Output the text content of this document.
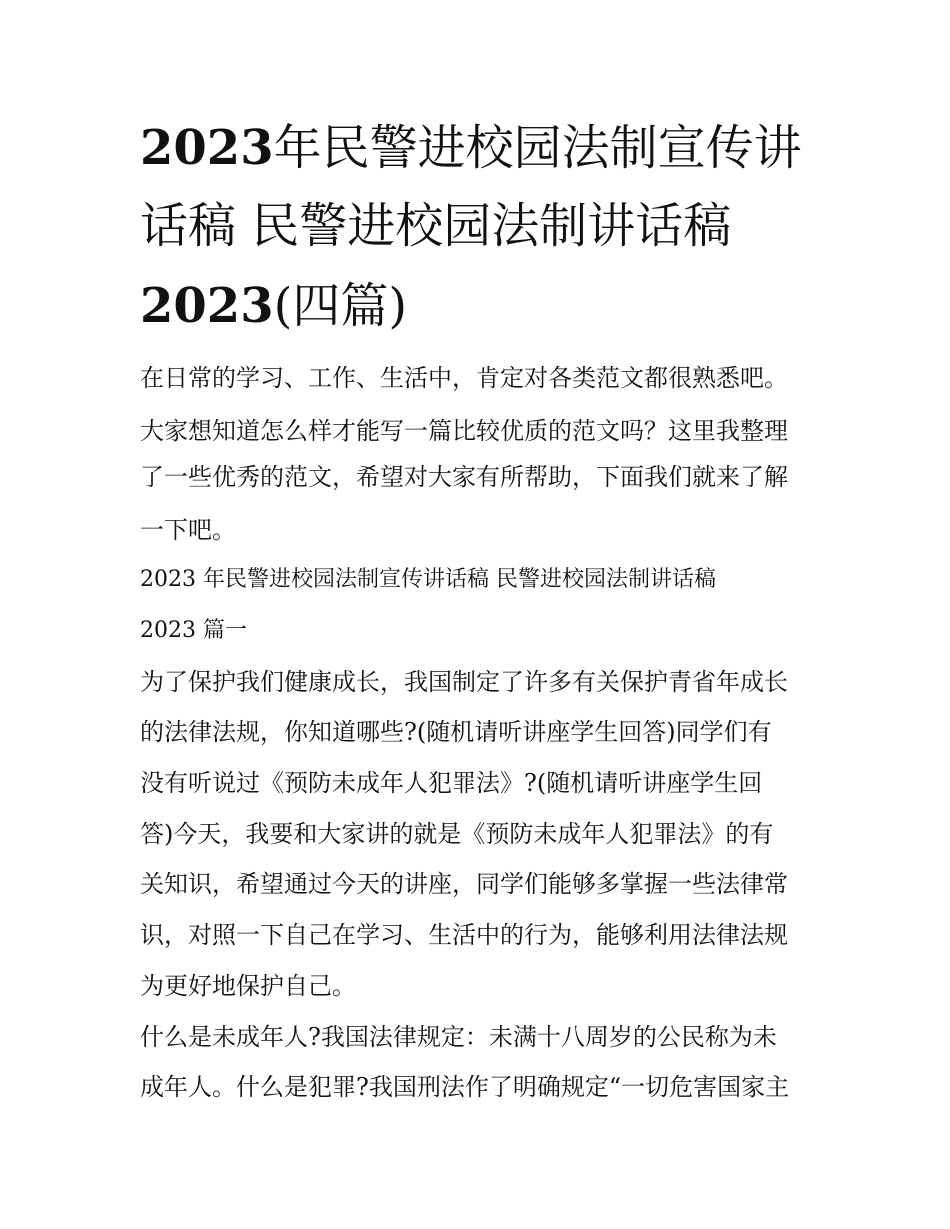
2023年民警进校园法制宣传讲
话稿 民警进校园法制讲话稿
2023(四篇)

在日常的学习、工作、生活中，肯定对各类范文都很熟悉吧。

大家想知道怎么样才能写一篇比较优质的范文吗？这里我整理

了一些优秀的范文，希望对大家有所帮助，下面我们就来了解

一下吧。

2023 年民警进校园法制宣传讲话稿 民警进校园法制讲话稿

2023 篇一

为了保护我们健康成长，我国制定了许多有关保护青省年成长

的法律法规，你知道哪些?(随机请听讲座学生回答)同学们有

没有听说过《预防未成年人犯罪法》?(随机请听讲座学生回

答)今天，我要和大家讲的就是《预防未成年人犯罪法》的有

关知识，希望通过今天的讲座，同学们能够多掌握一些法律常

识，对照一下自己在学习、生活中的行为，能够利用法律法规

为更好地保护自己。

什么是未成年人?我国法律规定：未满十八周岁的公民称为未

成年人。什么是犯罪?我国刑法作了明确规定“一切危害国家主
